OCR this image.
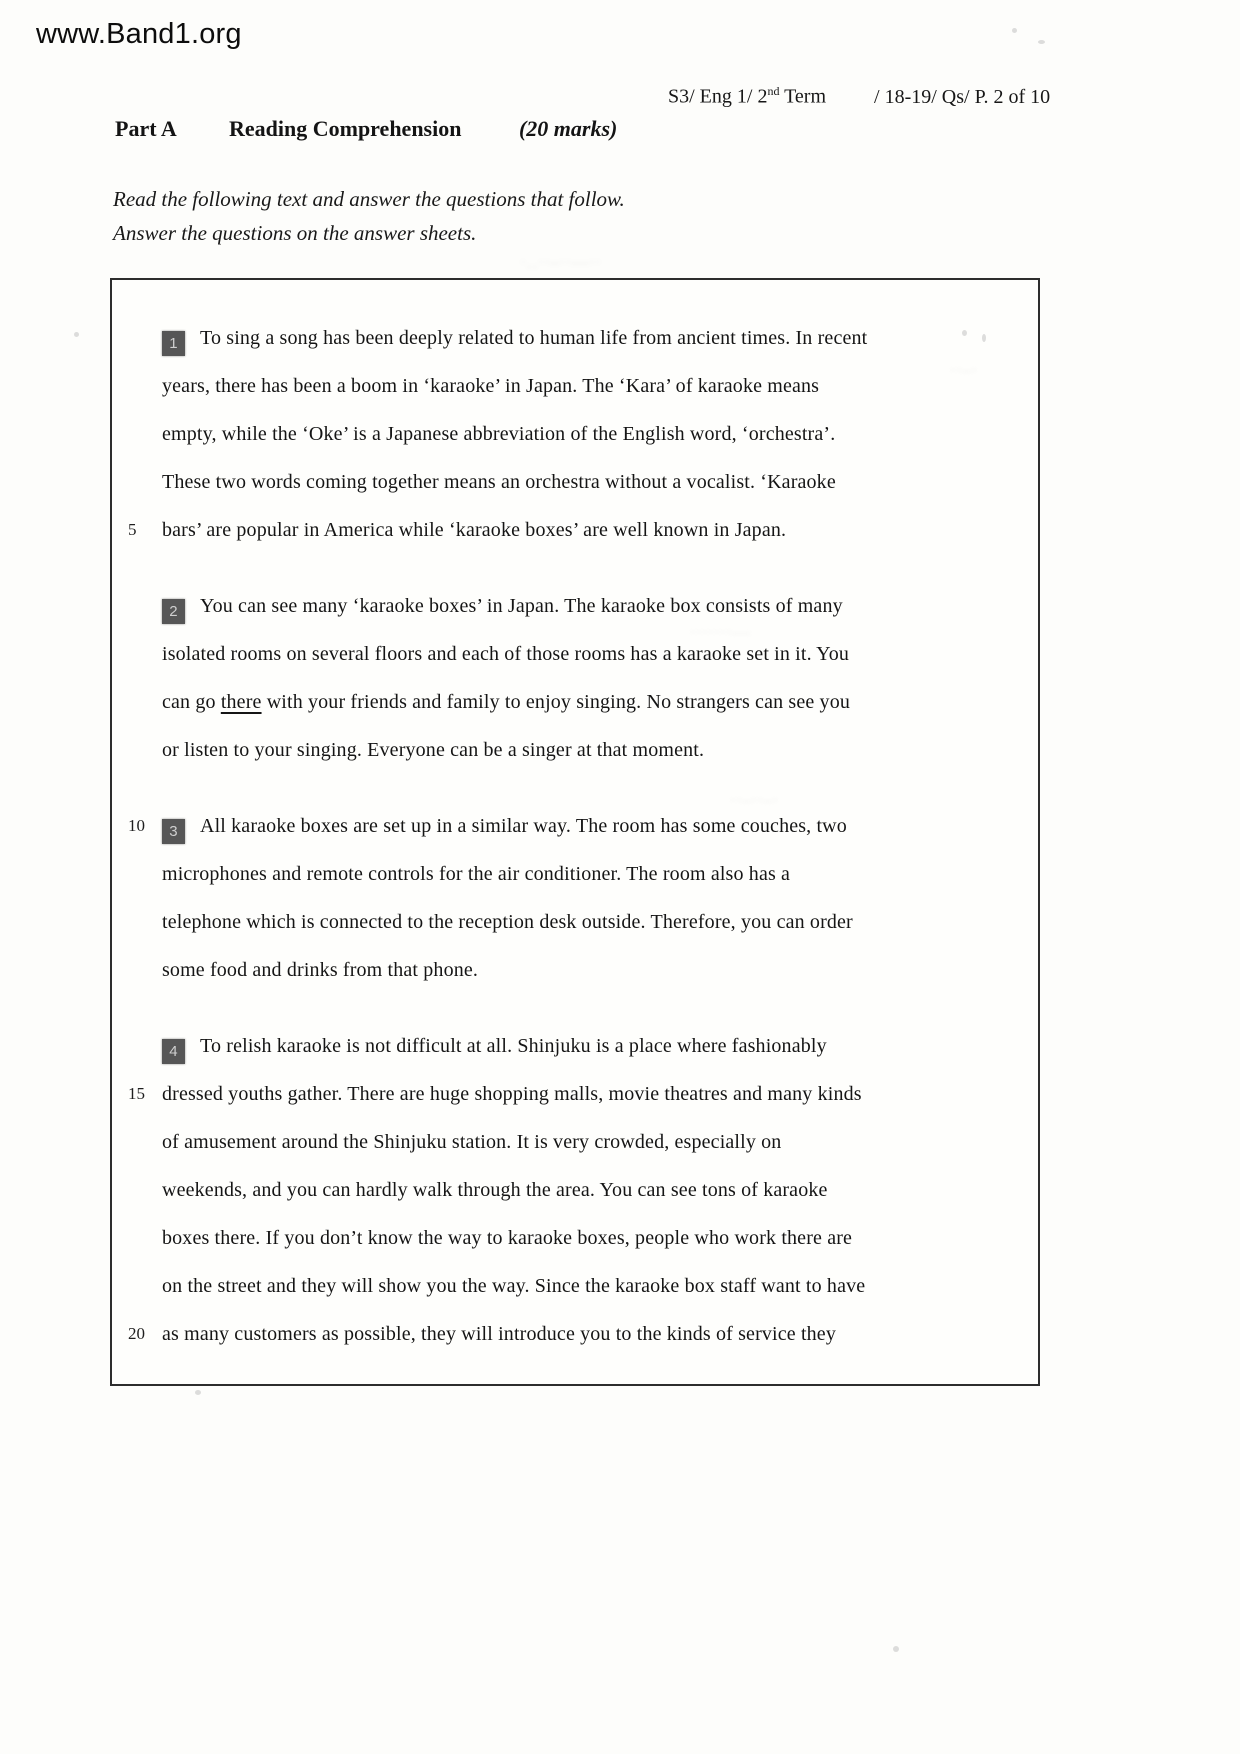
www.Band1.org
S3/ Eng 1/ 2nd Term / 18-19/ Qs/ P. 2 of 10
Part A Reading Comprehension	(20 marks)
Read the following text and answer the questions that follow.
Answer the questions on the answer sheets.
1 To sing a song has been deeply related to human life from ancient times. In recent
years, there has been a boom in ‘karaoke’ in Japan. The ‘Kara’ of karaoke means
empty, while the ‘Oke’ is a Japanese abbreviation of the English word, ‘orchestra’.
These two words coming together means an orchestra without a vocalist. ‘Karaoke
5	bars’ are popular in America while ‘karaoke boxes’ are well known in Japan.
2 You can see many ‘karaoke boxes’ in Japan. The karaoke box consists of many
isolated rooms on several floors and each of those rooms has a karaoke set in it. You
can go there with your friends and family to enjoy singing. No strangers can see you
or listen to your singing. Everyone can be a singer at that moment.
10	3 All karaoke boxes are set up in a similar way. The room has some couches, two
microphones and remote controls for the air conditioner. The room also has a
telephone which is connected to the reception desk outside. Therefore, you can order
some food and drinks from that phone.
4 To relish karaoke is not difficult at all. Shinjuku is a place where fashionably
15 dressed youths gather. There are huge shopping malls, movie theatres and many kinds
of amusement around the Shinjuku station. It is very crowded, especially on
weekends, and you can hardly walk through the area. You can see tons of karaoke
boxes there. If you don’t know the way to karaoke boxes, people who work there are
on the street and they will show you the way. Since the karaoke box staff want to have
20 as many customers as possible, they will introduce you to the kinds of service they
·‥··–··—··
·······––
··–·
··–··–·
